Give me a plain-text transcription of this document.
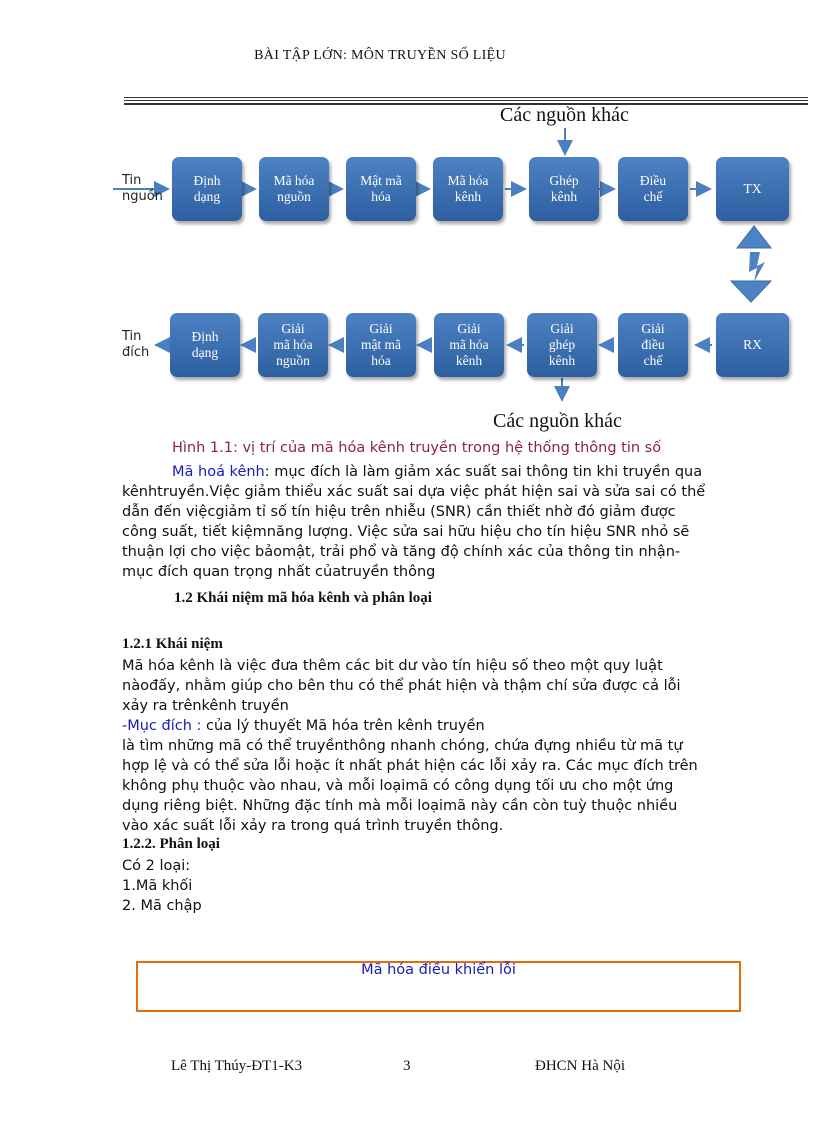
BÀI TẬP LỚN: MÔN TRUYỀN SỐ LIỆU
Các nguồn khác
Các nguồn khác
Tin
nguồn
Tin
đích
Định
dạng
Mã hóa
nguồn
Mật mã
hóa
Mã hóa
kênh
Ghép
kênh
Điều
chế
TX
RX
Giải
điều
chế
Giải
ghép
kênh
Giải
mã hóa
kênh
Giải
mật mã
hóa
Giải
mã hóa
nguồn
Định
dạng
Hình 1.1: vị trí của mã hóa kênh truyền trong hệ thống thông tin số

Mã hoá kênh: mục đích là làm giảm xác suất sai thông tin khi truyền qua

kênhtruyền.Việc giảm thiểu xác suất sai dựa việc phát hiện sai và sửa sai có thể dẫn đến việcgiảm tỉ số tín hiệu trên nhiễu (SNR) cần thiết nhờ đó giảm được công suất, tiết kiệmnăng lượng. Việc sửa sai hữu hiệu cho tín hiệu SNR nhỏ sẽ thuận lợi cho việc bảomật, trải phổ và tăng độ chính xác của thông tin nhận- mục đích quan trọng nhất củatruyền thông

1.2 Khái niệm mã hóa kênh và phân loại
1.2.1 Khái niệm

Mã hóa kênh là việc đưa thêm các bit dư vào tín hiệu số theo một quy luật nàođấy, nhằm giúp cho bên thu có thể phát hiện và thậm chí sửa được cả lỗi xảy ra trênkênh truyền

-Mục đích : của lý thuyết Mã hóa trên kênh truyền

là tìm những mã có thể truyềnthông nhanh chóng, chứa đựng nhiều từ mã tự hợp lệ và có thể sửa lỗi hoặc ít nhất phát hiện các lỗi xảy ra. Các mục đích trên không phụ thuộc vào nhau, và mỗi loạimã có công dụng tối ưu cho một ứng dụng riêng biệt. Những đặc tính mà mỗi loạimã này cần còn tuỳ thuộc nhiều vào xác suất lỗi xảy ra trong quá trình truyền thông.

1.2.2. Phân loại

Có 2 loại:

1.Mã khối

2. Mã chập

Mã hóa điều khiển lỗi
Lê Thị Thúy-ĐT1-K3	3	ĐHCN Hà Nội
